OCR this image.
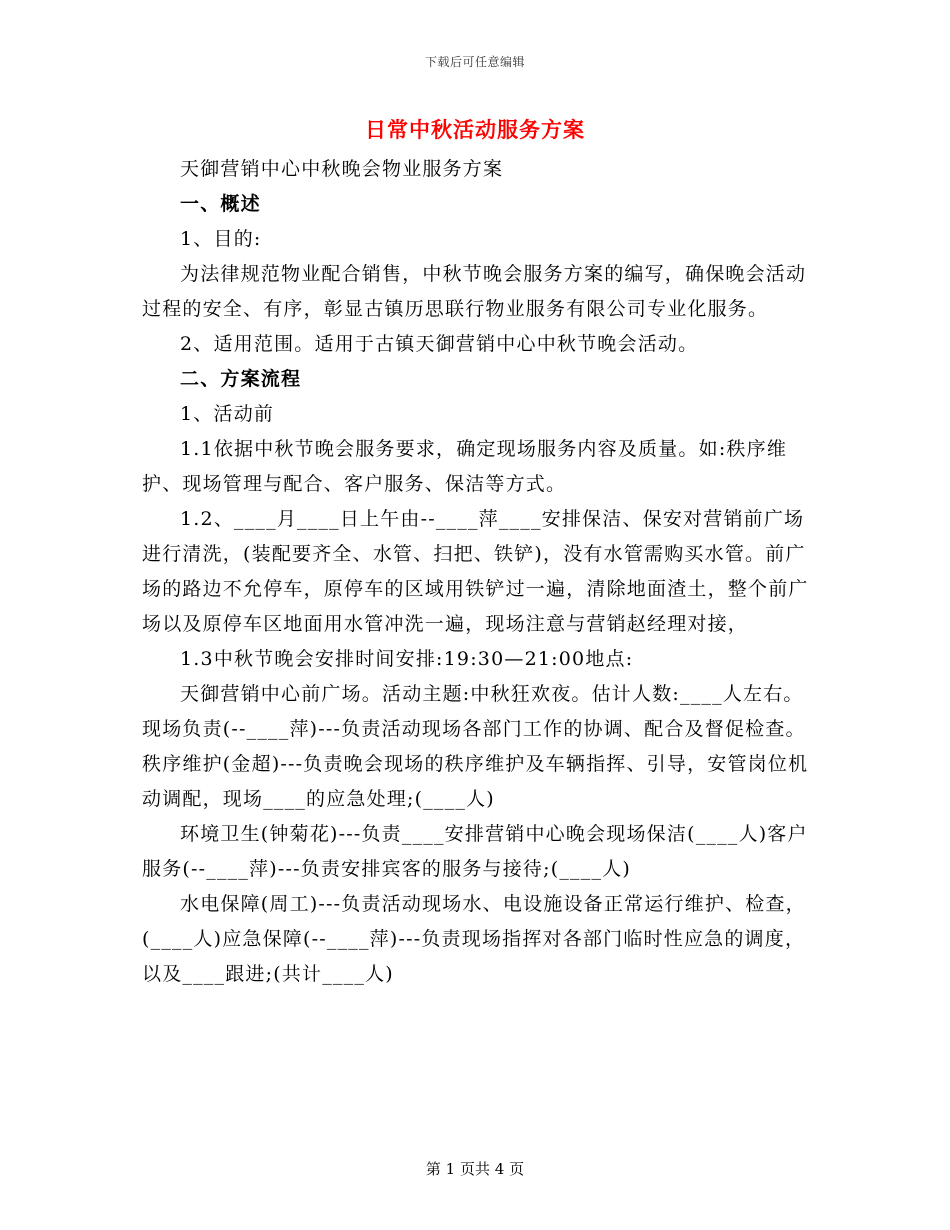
下载后可任意编辑
日常中秋活动服务方案

天御营销中心中秋晚会物业服务方案

一、概述

1、目的:

为法律规范物业配合销售，中秋节晚会服务方案的编写，确保晚会活动过程的安全、有序，彰显古镇历思联行物业服务有限公司专业化服务。

2、适用范围。适用于古镇天御营销中心中秋节晚会活动。

二、方案流程

1、活动前

1.1依据中秋节晚会服务要求，确定现场服务内容及质量。如:秩序维护、现场管理与配合、客户服务、保洁等方式。

1.2、____月____日上午由--____萍____安排保洁、保安对营销前广场进行清洗，(装配要齐全、水管、扫把、铁铲)，没有水管需购买水管。前广场的路边不允停车，原停车的区域用铁铲过一遍，清除地面渣土，整个前广场以及原停车区地面用水管冲洗一遍，现场注意与营销赵经理对接，

1.3中秋节晚会安排时间安排:19:30—21:00地点:

天御营销中心前广场。活动主题:中秋狂欢夜。估计人数:____人左右。现场负责(--____萍)---负责活动现场各部门工作的协调、配合及督促检查。秩序维护(金超)---负责晚会现场的秩序维护及车辆指挥、引导，安管岗位机动调配，现场____的应急处理;(____人)

环境卫生(钟菊花)---负责____安排营销中心晚会现场保洁(____人)客户服务(--____萍)---负责安排宾客的服务与接待;(____人)

水电保障(周工)---负责活动现场水、电设施设备正常运行维护、检查，(____人)应急保障(--____萍)---负责现场指挥对各部门临时性应急的调度，以及____跟进;(共计____人)

第 1 页共 4 页
